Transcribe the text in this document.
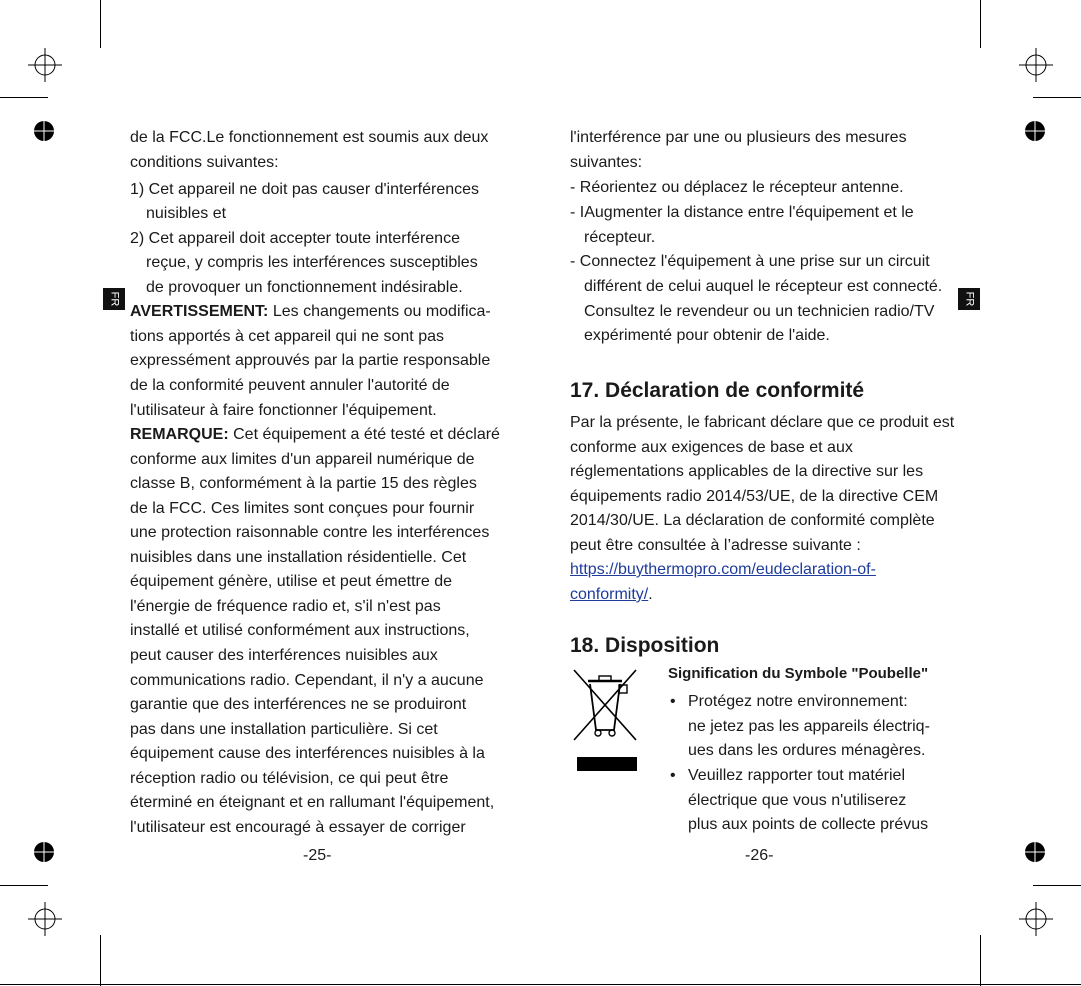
FR	FR
de la FCC.Le fonctionnement est soumis aux deux
conditions suivantes:
1) Cet appareil ne doit pas causer d'interférences
nuisibles et
2) Cet appareil doit accepter toute interférence
reçue, y compris les interférences susceptibles
de provoquer un fonctionnement indésirable.
AVERTISSEMENT: Les changements ou modifica-
tions apportés à cet appareil qui ne sont pas
expressément approuvés par la partie responsable
de la conformité peuvent annuler l'autorité de
l'utilisateur à faire fonctionner l'équipement.
REMARQUE: Cet équipement a été testé et déclaré
conforme aux limites d'un appareil numérique de
classe B, conformément à la partie 15 des règles
de la FCC. Ces limites sont conçues pour fournir
une protection raisonnable contre les interférences
nuisibles dans une installation résidentielle. Cet
équipement génère, utilise et peut émettre de
l'énergie de fréquence radio et, s'il n'est pas
installé et utilisé conformément aux instructions,
peut causer des interférences nuisibles aux
communications radio. Cependant, il n'y a aucune
garantie que des interférences ne se produiront
pas dans une installation particulière. Si cet
équipement cause des interférences nuisibles à la
réception radio ou télévision, ce qui peut être
éterminé en éteignant et en rallumant l'équipement,
l'utilisateur est encouragé à essayer de corriger
-25-
l'interférence par une ou plusieurs des mesures
suivantes:
- Réorientez ou déplacez le récepteur antenne.
- IAugmenter la distance entre l'équipement et le
récepteur.
- Connectez l'équipement à une prise sur un circuit
différent de celui auquel le récepteur est connecté.
Consultez le revendeur ou un technicien radio/TV
expérimenté pour obtenir de l'aide.
17. Déclaration de conformité
Par la présente, le fabricant déclare que ce produit est
conforme aux exigences de base et aux
réglementations applicables de la directive sur les
équipements radio 2014/53/UE, de la directive CEM
2014/30/UE. La déclaration de conformité complète
peut être consultée à l’adresse suivante :
https://buythermopro.com/eudeclaration-of-
conformity/.
18. Disposition
Signification du Symbole "Poubelle"
• Protégez notre environnement:
ne jetez pas les appareils électriq-
ues dans les ordures ménagères.
• Veuillez rapporter tout matériel
électrique que vous n'utiliserez
plus aux points de collecte prévus
-26-
